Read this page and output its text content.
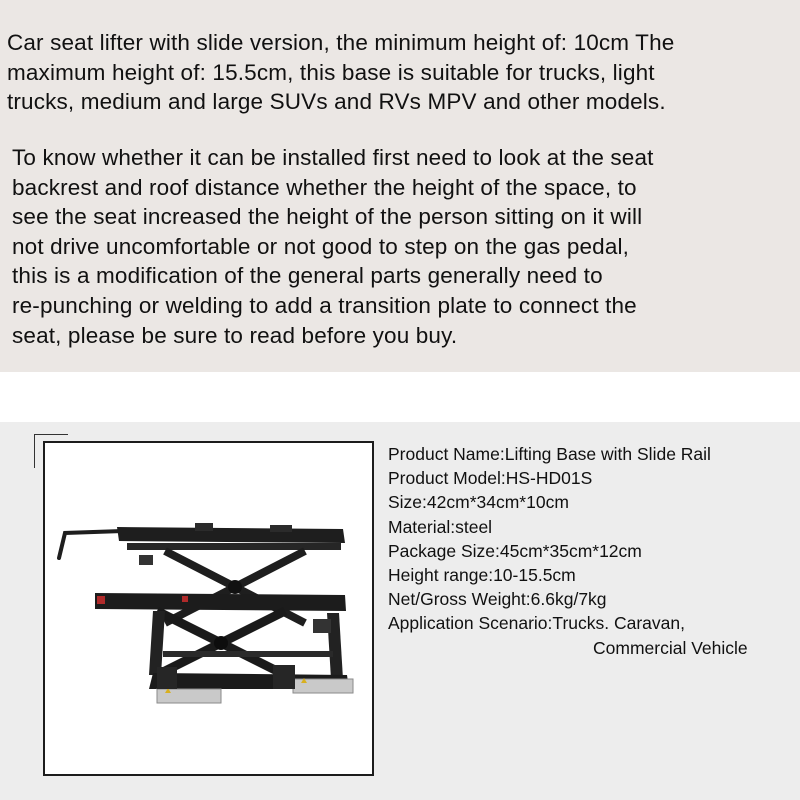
Car seat lifter with slide version, the minimum height of: 10cm The
maximum height of: 15.5cm, this base is suitable for trucks, light
trucks, medium and large SUVs and RVs MPV and other models.

To know whether it can be installed first need to look at the seat
backrest and roof distance whether the height of the space, to
see the seat increased the height of the person sitting on it will
not drive uncomfortable or not good to step on the gas pedal,
this is a modification of the general parts generally need to
re-punching or welding to add a transition plate to connect the
seat, please be sure to read before you buy.

Product Name:Lifting Base with Slide Rail
Product Model:HS-HD01S
Size:42cm*34cm*10cm
Material:steel
Package Size:45cm*35cm*12cm
Height range:10-15.5cm
Net/Gross Weight:6.6kg/7kg
Application Scenario:Trucks. Caravan,
Commercial Vehicle
